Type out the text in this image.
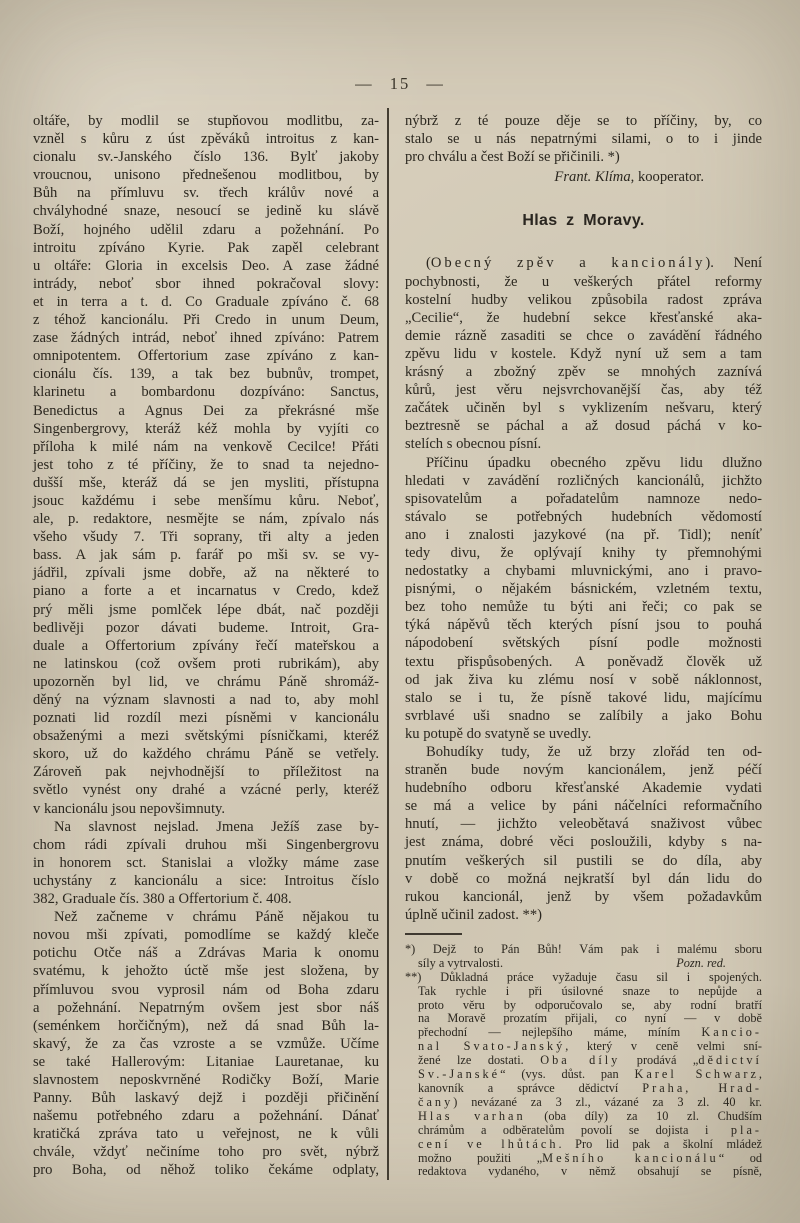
— 15 —
oltáře, by modlil se stupňovou modlitbu, za-
vzněl s kůru z úst zpěváků introitus z kan-
cionalu sv.-Janského číslo 136. Bylť jakoby
vroucnou, unisono přednešenou modlitbou, by
Bůh na přímluvu sv. třech králův nové a
chvályhodné snaze, nesoucí se jedině ku slávě
Boží, hojného udělil zdaru a požehnání. Po
introitu zpíváno Kyrie. Pak zapěl celebrant
u oltáře: Gloria in excelsis Deo. A zase žádné
intrády, neboť sbor ihned pokračoval slovy:
et in terra a t. d. Co Graduale zpíváno č. 68
z téhož kancionálu. Při Credo in unum Deum,
zase žádných intrád, neboť ihned zpíváno: Patrem
omnipotentem. Offertorium zase zpíváno z kan-
cionálu čís. 139, a tak bez bubnův, trompet,
klarinetu a bombardonu dozpíváno: Sanctus,
Benedictus a Agnus Dei za překrásné mše
Singenbergrovy, kteráž kéž mohla by vyjíti co
příloha k milé nám na venkově Cecilce! Přáti
jest toho z té příčiny, že to snad ta nejedno-
dušší mše, kteráž dá se jen mysliti, přístupna
jsouc každému i sebe menšímu kůru. Neboť,
ale, p. redaktore, nesmějte se nám, zpívalo nás
všeho všudy 7. Tři soprany, tři alty a jeden
bass. A jak sám p. farář po mši sv. se vy-
jádřil, zpívali jsme dobře, až na některé to
piano a forte a et incarnatus v Credo, kdež
prý měli jsme pomlček lépe dbát, nač později
bedlivěji pozor dávati budeme. Introit, Gra-
duale a Offertorium zpívány řečí mateřskou a
ne latinskou (což ovšem proti rubrikám), aby
upozorněn byl lid, ve chrámu Páně shromáž-
děný na význam slavnosti a nad to, aby mohl
poznati lid rozdíl mezi písněmi v kancionálu
obsaženými a mezi světskými písničkami, kteréž
skoro, už do každého chrámu Páně se vetřely.
Zároveň pak nejvhodnější to příležitost na
světlo vynést ony drahé a vzácné perly, kteréž
v kancionálu jsou nepovšimnuty.
Na slavnost nejslad. Jmena Ježíš zase by-
chom rádi zpívali druhou mši Singenbergrovu
in honorem sct. Stanislai a vložky máme zase
uchystány z kancionálu a sice: Introitus číslo
382, Graduale čís. 380 a Offertorium č. 408.
Než začneme v chrámu Páně nějakou tu
novou mši zpívati, pomodlíme se každý kleče
potichu Otče náš a Zdrávas Maria k onomu
svatému, k jehožto úctě mše jest složena, by
přímluvou svou vyprosil nám od Boha zdaru
a požehnání. Nepatrným ovšem jest sbor náš
(seménkem horčičným), než dá snad Bůh la-
skavý, že za čas vzroste a se vzmůže. Učíme
se také Hallerovým: Litaniae Lauretanae, ku
slavnostem neposkvrněné Rodičky Boží, Marie
Panny. Bůh laskavý dejž i později přičinění
našemu potřebného zdaru a požehnání. Dánať
kratičká zpráva tato u veřejnost, ne k vůli
chvále, vždyť nečiníme toho pro svět, nýbrž
pro Boha, od něhož toliko čekáme odplaty,
nýbrž z té pouze děje se to příčiny, by, co
stalo se u nás nepatrnými silami, o to i jinde
pro chválu a čest Boží se přičinili. *)
Frant. Klíma, kooperator.
Hlas z Moravy.
(Obecný zpěv a kancionály). Není
pochybnosti, že u veškerých přátel reformy
kostelní hudby velikou způsobila radost zpráva
„Cecilie“, že hudební sekce křesťanské aka-
demie rázně zasaditi se chce o zavádění řádného
zpěvu lidu v kostele. Když nyní už sem a tam
krásný a zbožný zpěv se mnohých zaznívá
kůrů, jest věru nejsvrchovanější čas, aby též
začátek učiněn byl s vyklizením nešvaru, který
beztresně se páchal a až dosud páchá v ko-
stelích s obecnou písní.
Příčinu úpadku obecného zpěvu lidu dlužno
hledati v zavádění rozličných kancionálů, jichžto
spisovatelům a pořadatelům namnoze nedo-
stávalo se potřebných hudebních vědomostí
ano i znalosti jazykové (na př. Tidl); neníť
tedy divu, že oplývají knihy ty přemnohými
nedostatky a chybami mluvnickými, ano i pravo-
pisnými, o nějakém básnickém, vzletném textu,
bez toho nemůže tu býti ani řeči; co pak se
týká nápěvů těch kterých písní jsou to pouhá
nápodobení světských písní podle možnosti
textu přispůsobených. A poněvadž člověk už
od jak živa ku zlému nosí v sobě náklonnost,
stalo se i tu, že písně takové lidu, majícímu
svrblavé uši snadno se zalíbily a jako Bohu
ku potupě do svatyně se uvedly.
Bohudíky tudy, že už brzy zlořád ten od-
straněn bude novým kancionálem, jenž péčí
hudebního odboru křesťanské Akademie vydati
se má a velice by páni náčelníci reformačního
hnutí, — jichžto veleobětavá snaživost vůbec
jest známa, dobré věci posloužili, kdyby s na-
pnutím veškerých sil pustili se do díla, aby
v době co možná nejkratší byl dán lidu do
rukou kancionál, jenž by všem požadavkům
úplně učinil zadost. **)
*) Dejž to Pán Bůh! Vám pak i malému sboru
síly a vytrvalosti.	Pozn. red.
**) Důkladná práce vyžaduje času sil i spojených.
Tak rychle i při úsilovné snaze to nepůjde a
proto věru by odporučovalo se, aby rodní bratří
na Moravě prozatím přijali, co nyní — v době
přechodní — nejlepšího máme, míním Kancio-
nal Svato-Janský, který v ceně velmi sní-
žené lze dostati. Oba díly prodává „dědictví
Sv.-Janské“ (vys. důst. pan Karel Schwarz,
kanovník a správce dědictví Praha, Hrad-
čany) nevázané za 3 zl., vázané za 3 zl. 40 kr.
Hlas varhan (oba díly) za 10 zl. Chudším
chrámům a odběratelům povolí se dojista i pla-
cení ve lhůtách. Pro lid pak a školní mládež
možno použiti „Mešního kancionálu“ od
redaktova vydaného, v němž obsahují se písně,
